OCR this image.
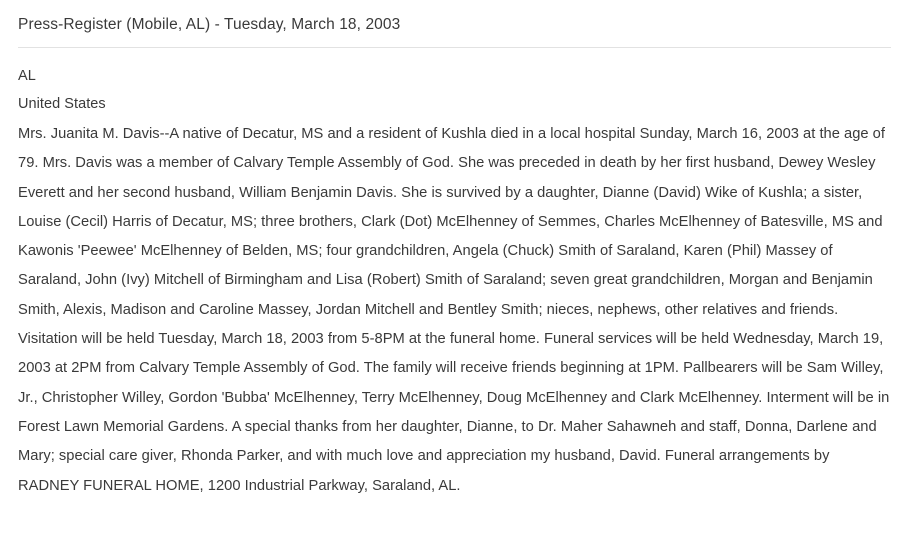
Press-Register (Mobile, AL) - Tuesday, March 18, 2003
AL
United States
Mrs. Juanita M. Davis--A native of Decatur, MS and a resident of Kushla died in a local hospital Sunday, March 16, 2003 at the age of 79. Mrs. Davis was a member of Calvary Temple Assembly of God. She was preceded in death by her first husband, Dewey Wesley Everett and her second husband, William Benjamin Davis. She is survived by a daughter, Dianne (David) Wike of Kushla; a sister, Louise (Cecil) Harris of Decatur, MS; three brothers, Clark (Dot) McElhenney of Semmes, Charles McElhenney of Batesville, MS and Kawonis 'Peewee' McElhenney of Belden, MS; four grandchildren, Angela (Chuck) Smith of Saraland, Karen (Phil) Massey of Saraland, John (Ivy) Mitchell of Birmingham and Lisa (Robert) Smith of Saraland; seven great grandchildren, Morgan and Benjamin Smith, Alexis, Madison and Caroline Massey, Jordan Mitchell and Bentley Smith; nieces, nephews, other relatives and friends. Visitation will be held Tuesday, March 18, 2003 from 5-8PM at the funeral home. Funeral services will be held Wednesday, March 19, 2003 at 2PM from Calvary Temple Assembly of God. The family will receive friends beginning at 1PM. Pallbearers will be Sam Willey, Jr., Christopher Willey, Gordon 'Bubba' McElhenney, Terry McElhenney, Doug McElhenney and Clark McElhenney. Interment will be in Forest Lawn Memorial Gardens. A special thanks from her daughter, Dianne, to Dr. Maher Sahawneh and staff, Donna, Darlene and Mary; special care giver, Rhonda Parker, and with much love and appreciation my husband, David. Funeral arrangements by RADNEY FUNERAL HOME, 1200 Industrial Parkway, Saraland, AL.
